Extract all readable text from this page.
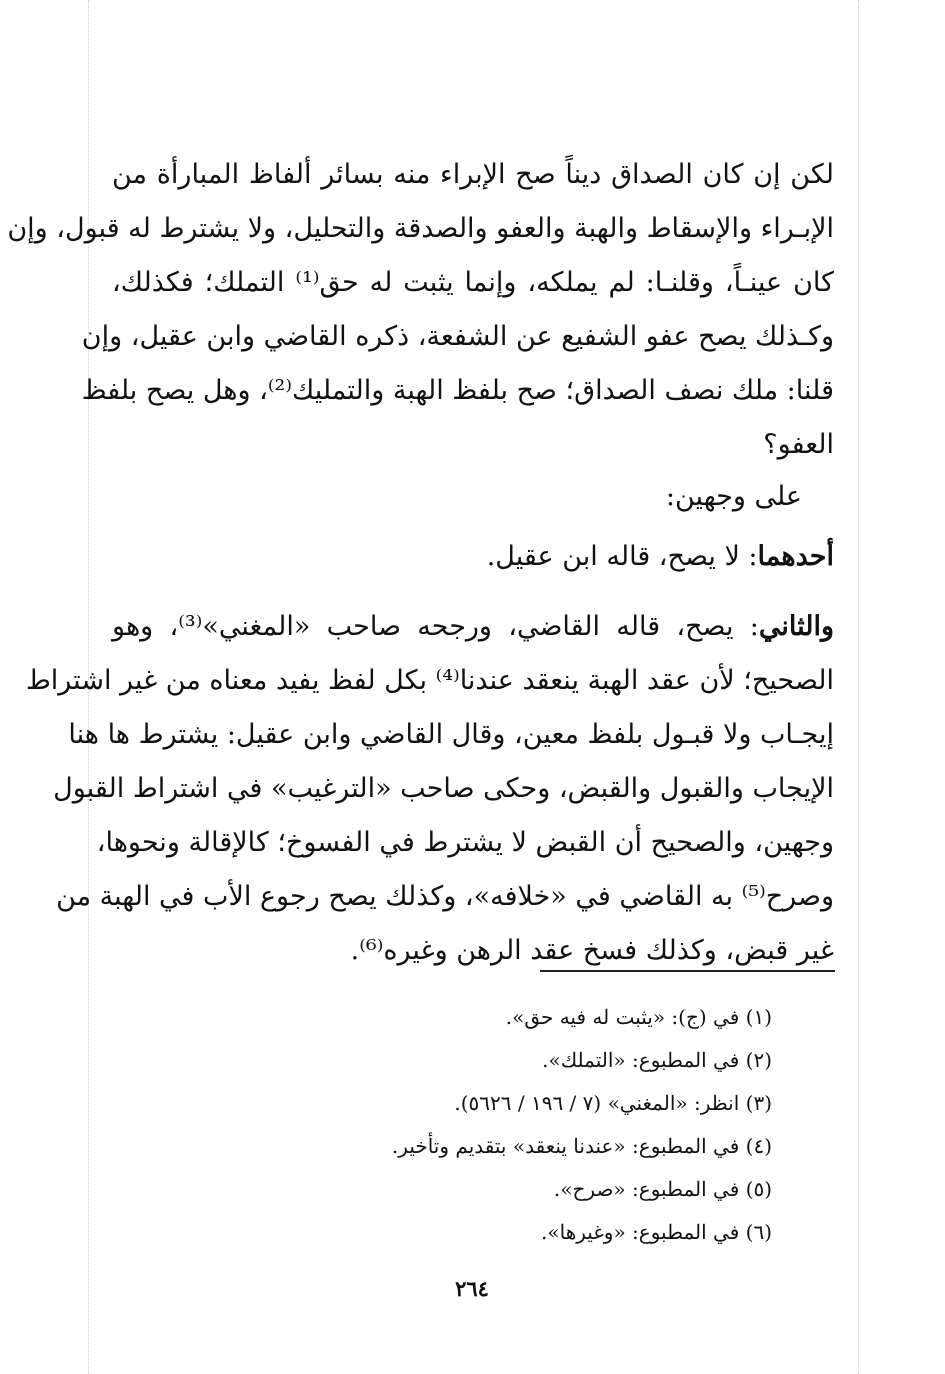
لكن إن كان الصداق ديناً صح الإبراء منه بسائر ألفاظ المبارأة من
الإبـراء والإسقاط والهبة والعفو والصدقة والتحليل، ولا يشترط له قبول، وإن
كان عينـاً، وقلنـا: لم يملكه، وإنما يثبت له حق⁽¹⁾ التملك؛ فكذلك،
وكـذلك يصح عفو الشفيع عن الشفعة، ذكره القاضي وابن عقيل، وإن
قلنا: ملك نصف الصداق؛ صح بلفظ الهبة والتمليك⁽²⁾، وهل يصح بلفظ
العفو؟
على وجهين:
أحدهما: لا يصح، قاله ابن عقيل.
والثاني: يصح، قاله القاضي، ورجحه صاحب «المغني»⁽³⁾، وهو
الصحيح؛ لأن عقد الهبة ينعقد عندنا⁽⁴⁾ بكل لفظ يفيد معناه من غير اشتراط
إيجـاب ولا قبـول بلفظ معين، وقال القاضي وابن عقيل: يشترط ها هنا
الإيجاب والقبول والقبض، وحكى صاحب «الترغيب» في اشتراط القبول
وجهين، والصحيح أن القبض لا يشترط في الفسوخ؛ كالإقالة ونحوها،
وصرح⁽⁵⁾ به القاضي في «خلافه»، وكذلك يصح رجوع الأب في الهبة من
غير قبض، وكذلك فسخ عقد الرهن وغيره⁽⁶⁾.
(١) في (ج): «يثبت له فيه حق».
(٢) في المطبوع: «التملك».
(٣) انظر: «المغني» (٧ / ١٩٦ / ٥٦٢٦).
(٤) في المطبوع: «عندنا ينعقد» بتقديم وتأخير.
(٥) في المطبوع: «صرح».
(٦) في المطبوع: «وغيرها».
٢٦٤
